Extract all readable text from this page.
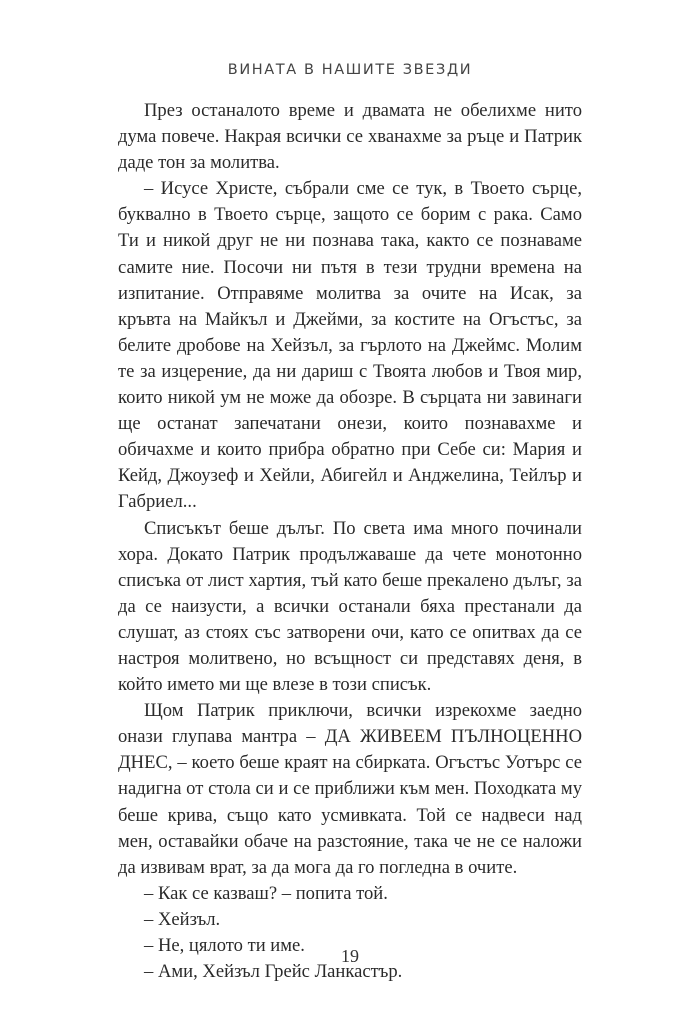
ВИНАТА В НАШИТЕ ЗВЕЗДИ

През останалото време и двамата не обелихме нито дума повече. Накрая всички се хванахме за ръце и Патрик даде тон за молитва.

– Исусе Христе, събрали сме се тук, в Твоето сърце, буквално в Твоето сърце, защото се борим с рака. Само Ти и никой друг не ни познава така, както се познаваме самите ние. Посочи ни пътя в тези трудни времена на изпитание. Отправяме молитва за очите на Исак, за кръвта на Майкъл и Джейми, за костите на Огъстъс, за белите дробове на Хейзъл, за гърлото на Джеймс. Молим те за изцерение, да ни дариш с Твоята любов и Твоя мир, които никой ум не може да обозре. В сърцата ни завинаги ще останат запечатани онези, които познавахме и обичахме и които прибра обратно при Себе си: Мария и Кейд, Джоузеф и Хейли, Абигейл и Анджелина, Тейлър и Габриел...

Списъкът беше дълъг. По света има много починали хора. Докато Патрик продължаваше да чете монотонно списъка от лист хартия, тъй като беше прекалено дълъг, за да се наизусти, а всички останали бяха престанали да слушат, аз стоях със затворени очи, като се опитвах да се настроя молитвено, но всъщност си представях деня, в който името ми ще влезе в този списък.

Щом Патрик приключи, всички изрекохме заедно онази глупава мантра – ДА ЖИВЕЕМ ПЪЛНОЦЕННО ДНЕС, – което беше краят на сбирката. Огъстъс Уотърс се надигна от стола си и се приближи към мен. Походката му беше крива, също като усмивката. Той се надвеси над мен, оставайки обаче на разстояние, така че не се наложи да извивам врат, за да мога да го погледна в очите.

– Как се казваш? – попита той.

– Хейзъл.

– Не, цялото ти име.

– Ами, Хейзъл Грейс Ланкастър.

19
